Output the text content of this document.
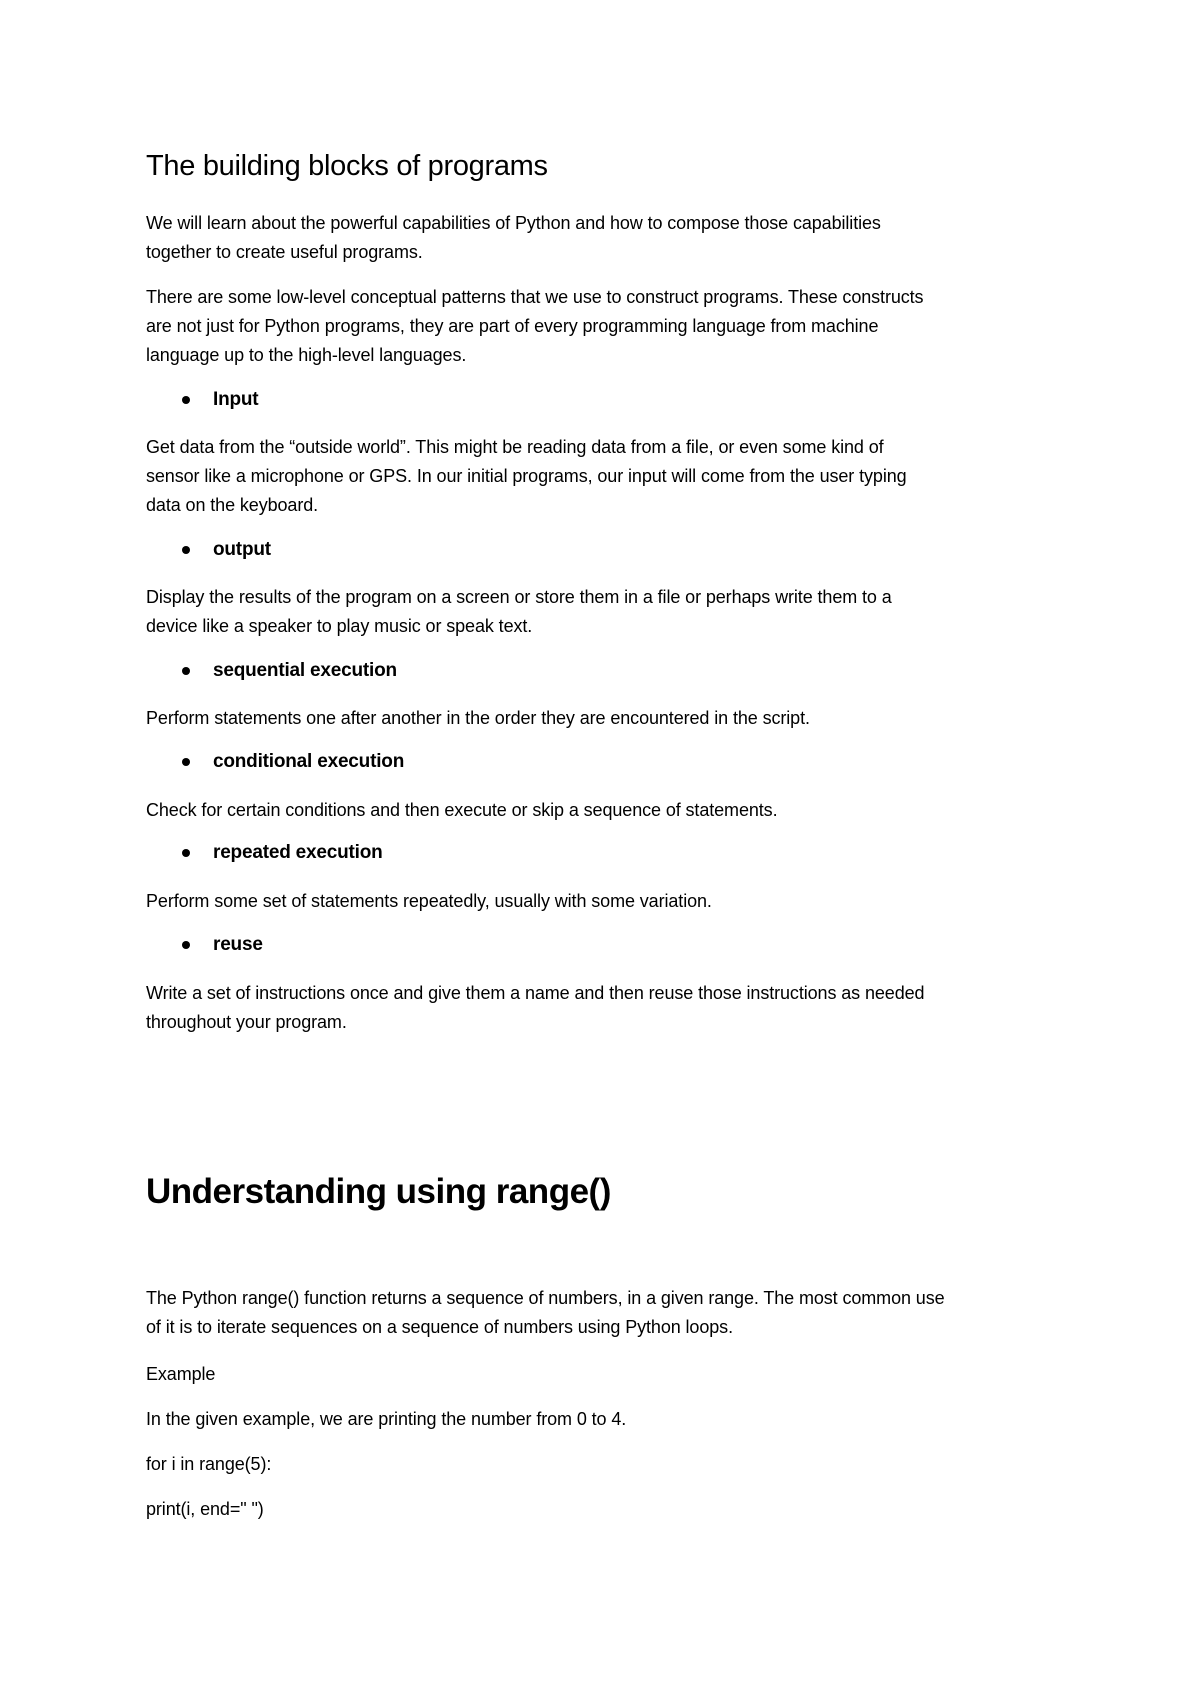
The building blocks of programs

We will learn about the powerful capabilities of Python and how to compose those capabilities

together to create useful programs.

There are some low-level conceptual patterns that we use to construct programs. These constructs

are not just for Python programs, they are part of every programming language from machine

language up to the high-level languages.

Input

Get data from the “outside world”. This might be reading data from a file, or even some kind of

sensor like a microphone or GPS. In our initial programs, our input will come from the user typing

data on the keyboard.

output

Display the results of the program on a screen or store them in a file or perhaps write them to a

device like a speaker to play music or speak text.

sequential execution

Perform statements one after another in the order they are encountered in the script.

conditional execution

Check for certain conditions and then execute or skip a sequence of statements.

repeated execution

Perform some set of statements repeatedly, usually with some variation.

reuse

Write a set of instructions once and give them a name and then reuse those instructions as needed

throughout your program.

Understanding using range()

The Python range() function returns a sequence of numbers, in a given range. The most common use

of it is to iterate sequences on a sequence of numbers using Python loops.

Example

In the given example, we are printing the number from 0 to 4.

for i in range(5):

print(i, end=" ")
